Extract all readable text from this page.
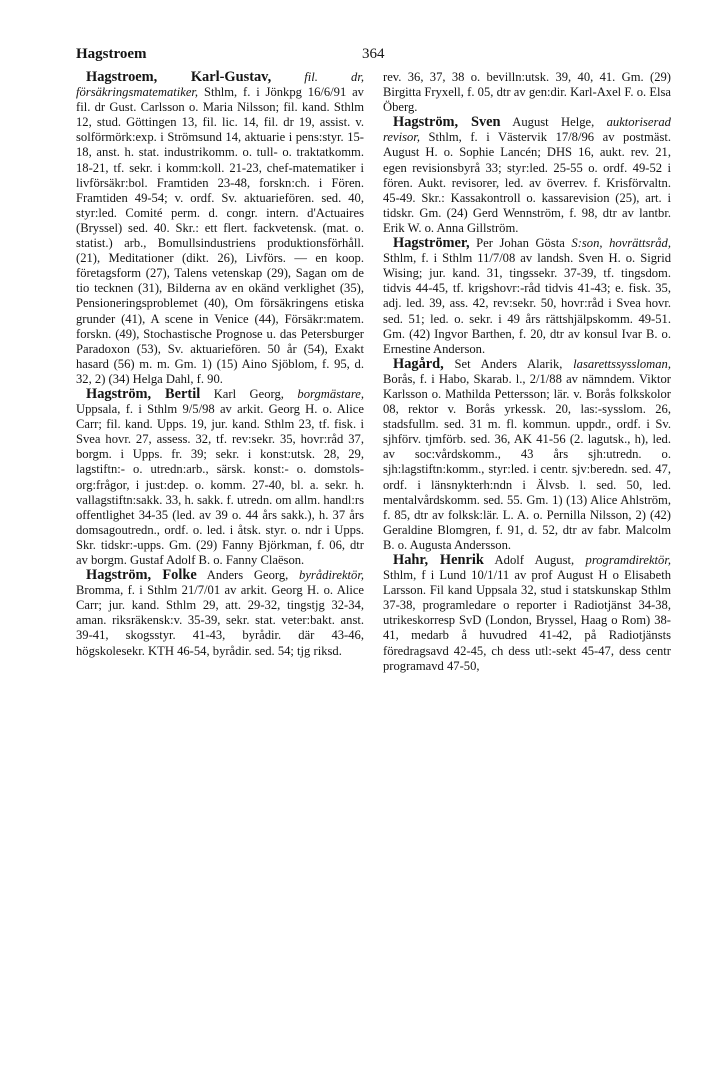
Hagstroem	364

Hagstroem, Karl-Gustav,	fil. dr, försäkringsmatematiker, Sthlm, f. i Jönkpg 16/6/91 av fil. dr Gust. Carlsson o. Maria Nilsson; fil. kand. Sthlm 12, stud. Göttingen 13, fil. lic. 14, fil. dr 19, assist. v. solförmörk:exp. i Strömsund 14, aktuarie i pens:styr. 15-18, anst. h. stat. industrikomm. o. tull- o. traktatkomm. 18-21, tf. sekr. i komm:koll. 21-23, chef-matematiker i livförsäkr:bol. Framtiden 23-48, forskn:ch. i Fören. Framtiden 49-54; v. ordf. Sv. aktuariefören. sed. 40, styr:led. Comité perm. d. congr. intern. d'Actuaires (Bryssel) sed. 40. Skr.: ett flert. fackvetensk. (mat. o. statist.) arb., Bomullsindustriens produktionsförhåll. (21), Meditationer (dikt. 26), Livförs. — en koop. företagsform (27), Talens vetenskap (29), Sagan om de tio tecknen (31), Bilderna av en okänd verklighet (35), Pensioneringsproblemet (40), Om försäkringens etiska grunder (41), A scene in Venice (44), Försäkr:matem. forskn. (49), Stochastische Prognose u. das Petersburger Paradoxon (53), Sv. aktuariefören. 50 år (54), Exakt hasard (56) m. m. Gm. 1) (15) Aino Sjöblom, f. 95, d. 32, 2) (34) Helga Dahl, f. 90.

Hagström, Bertil Karl Georg, borgmästare, Uppsala, f. i Sthlm 9/5/98 av arkit. Georg H. o. Alice Carr; fil. kand. Upps. 19, jur. kand. Sthlm 23, tf. fisk. i Svea hovr. 27, assess. 32, tf. rev:sekr. 35, hovr:råd 37, borgm. i Upps. fr. 39; sekr. i konst:utsk. 28, 29, lagstiftn:- o. utredn:arb., särsk. konst:- o. domstols-org:frågor, i just:dep. o. komm. 27-40, bl. a. sekr. h. vallagstiftn:sakk. 33, h. sakk. f. utredn. om allm. handl:rs offentlighet 34-35 (led. av 39 o. 44 års sakk.), h. 37 års domsagoutredn., ordf. o. led. i åtsk. styr. o. ndr i Upps. Skr. tidskr:-upps. Gm. (29) Fanny Björkman, f. 06, dtr av borgm. Gustaf Adolf B. o. Fanny Claëson.

Hagström, Folke Anders Georg, byrådirektör, Bromma, f. i Sthlm 21/7/01 av arkit. Georg H. o. Alice Carr; jur. kand. Sthlm 29, att. 29-32, tingstjg 32-34, aman. riksräkensk:v. 35-39, sekr. stat. veter:bakt. anst. 39-41, skogsstyr. 41-43, byrådir. där 43-46, högskolesekr. KTH 46-54, byrådir. sed. 54; tjg riksd.

rev. 36, 37, 38 o. bevilln:utsk. 39, 40, 41. Gm. (29) Birgitta Fryxell, f. 05, dtr av gen:dir. Karl-Axel F. o. Elsa Öberg.

Hagström, Sven August Helge, auktoriserad revisor, Sthlm, f. i Västervik 17/8/96 av postmäst. August H. o. Sophie Lancén; DHS 16, aukt. rev. 21, egen revisionsbyrå 33; styr:led. 25-55 o. ordf. 49-52 i fören. Aukt. revisorer, led. av överrev. f. Krisförvaltn. 45-49. Skr.: Kassakontroll o. kassarevision (25), art. i tidskr. Gm. (24) Gerd Wennström, f. 98, dtr av lantbr. Erik W. o. Anna Gillström.

Hagströmer, Per Johan Gösta S:son, hovrättsråd, Sthlm, f. i Sthlm 11/7/08 av landsh. Sven H. o. Sigrid Wising; jur. kand. 31, tingssekr. 37-39, tf. tingsdom. tidvis 44-45, tf. krigshovr:-råd tidvis 41-43; e. fisk. 35, adj. led. 39, ass. 42, rev:sekr. 50, hovr:råd i Svea hovr. sed. 51; led. o. sekr. i 49 års rättshjälpskomm. 49-51. Gm. (42) Ingvor Barthen, f. 20, dtr av konsul Ivar B. o. Ernestine Anderson.

Hagård, Set Anders Alarik, lasarettssyssloman, Borås, f. i Habo, Skarab. l., 2/1/88 av nämndem. Viktor Karlsson o. Mathilda Pettersson; lär. v. Borås folkskolor 08, rektor v. Borås yrkessk. 20, las:-sysslom. 26, stadsfullm. sed. 31 m. fl. kommun. uppdr., ordf. i Sv. sjhförv. tjmförb. sed. 36, AK 41-56 (2. lagutsk., h), led. av soc:vårdskomm., 43 års sjh:utredn. o. sjh:lagstiftn:komm., styr:led. i centr. sjv:beredn. sed. 47, ordf. i länsnykterh:ndn i Älvsb. l. sed. 50, led. mentalvårdskomm. sed. 55. Gm. 1) (13) Alice Ahlström, f. 85, dtr av folksk:lär. L. A. o. Pernilla Nilsson, 2) (42) Geraldine Blomgren, f. 91, d. 52, dtr av fabr. Malcolm B. o. Augusta Andersson.

Hahr, Henrik Adolf August, programdirektör, Sthlm, f i Lund 10/1/11 av prof August H o Elisabeth Larsson. Fil kand Uppsala 32, stud i statskunskap Sthlm 37-38, programledare o reporter i Radiotjänst 34-38, utrikeskorresp SvD (London, Bryssel, Haag o Rom) 38-41, medarb å huvudred 41-42, på Radiotjänsts föredragsavd 42-45, ch dess utl:-sekt 45-47, dess centr programavd 47-50,
